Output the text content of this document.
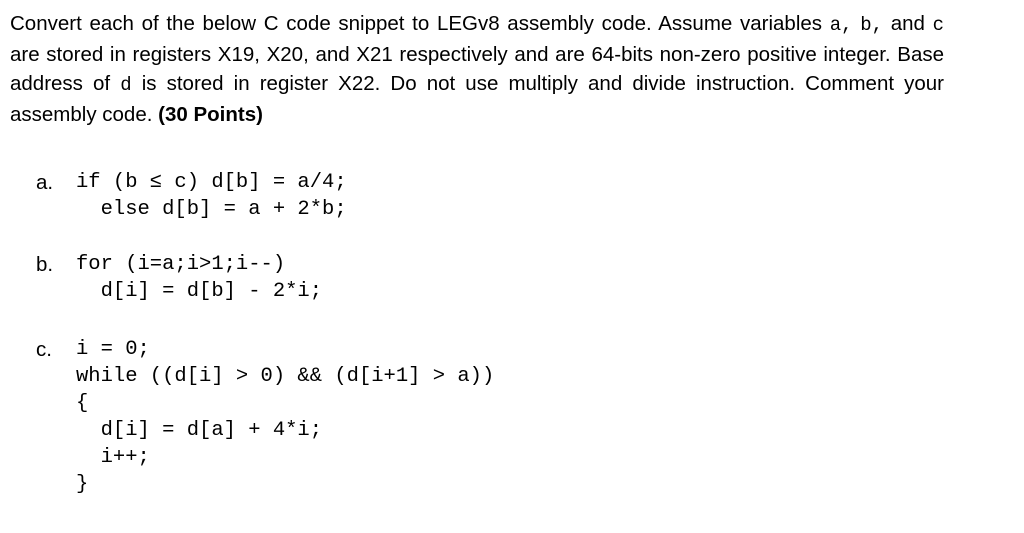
Convert each of the below C code snippet to LEGv8 assembly code. Assume variables a, b, and c are stored in registers X19, X20, and X21 respectively and are 64-bits non-zero positive integer. Base address of d is stored in register X22. Do not use multiply and divide instruction. Comment your assembly code. (30 Points)
a. if (b ≤ c) d[b] = a/4;
else d[b] = a + 2*b;
b. for (i=a;i>1;i--)
d[i] = d[b] - 2*i;
c. i = 0;
while ((d[i] > 0) && (d[i+1] > a))
{
d[i] = d[a] + 4*i;
i++;
}
